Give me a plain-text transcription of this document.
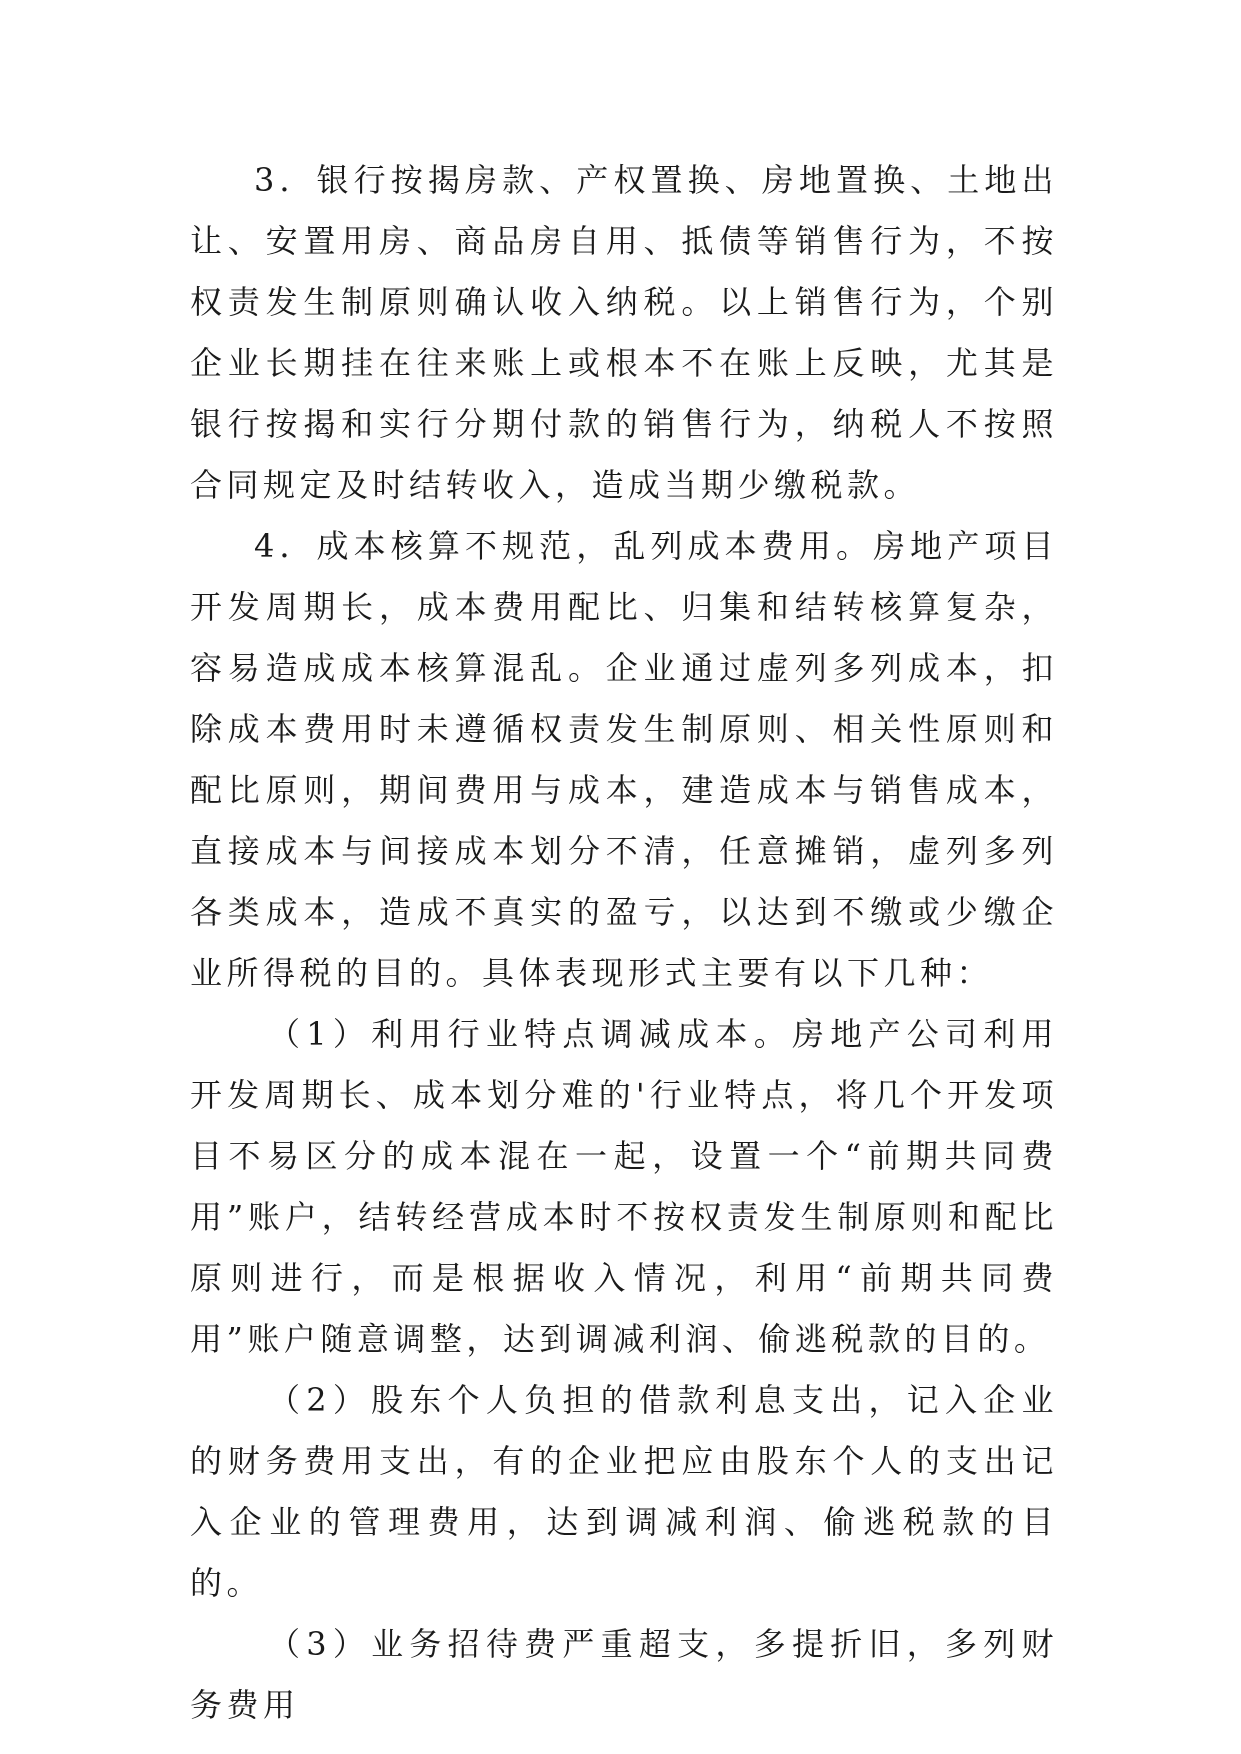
3．银行按揭房款、产权置换、房地置换、土地出让、安置用房、商品房自用、抵债等销售行为，不按权责发生制原则确认收入纳税。以上销售行为，个别企业长期挂在往来账上或根本不在账上反映，尤其是银行按揭和实行分期付款的销售行为，纳税人不按照合同规定及时结转收入，造成当期少缴税款。

4．成本核算不规范，乱列成本费用。房地产项目开发周期长，成本费用配比、归集和结转核算复杂，容易造成成本核算混乱。企业通过虚列多列成本，扣除成本费用时未遵循权责发生制原则、相关性原则和配比原则，期间费用与成本，建造成本与销售成本，直接成本与间接成本划分不清，任意摊销，虚列多列各类成本，造成不真实的盈亏，以达到不缴或少缴企业所得税的目的。具体表现形式主要有以下几种：

（1）利用行业特点调减成本。房地产公司利用开发周期长、成本划分难的'行业特点，将几个开发项目不易区分的成本混在一起，设置一个“前期共同费用”账户，结转经营成本时不按权责发生制原则和配比原则进行，而是根据收入情况，利用“前期共同费用”账户随意调整，达到调减利润、偷逃税款的目的。

（2）股东个人负担的借款利息支出，记入企业的财务费用支出，有的企业把应由股东个人的支出记入企业的管理费用，达到调减利润、偷逃税款的目的。

（3）业务招待费严重超支，多提折旧，多列财务费用
